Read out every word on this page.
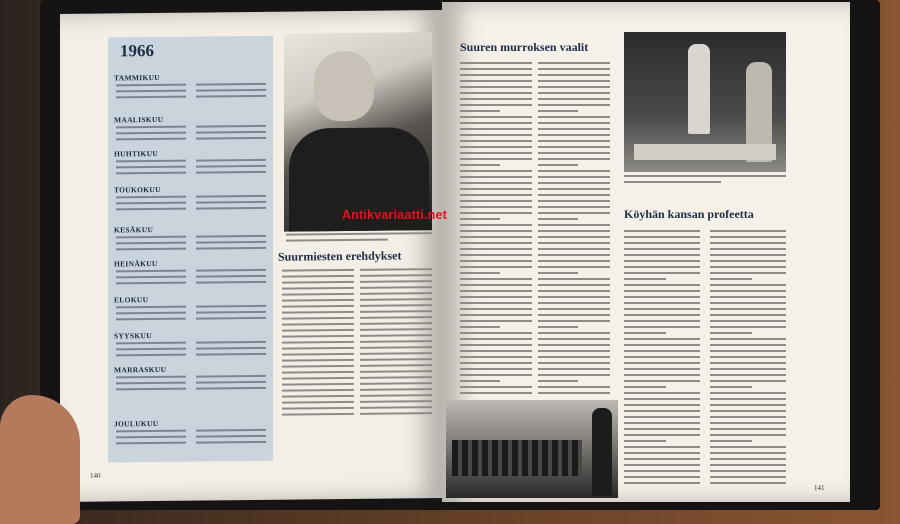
1966
TAMMIKUU
MAALISKUU
HUHTIKUU
TOUKOKUU
KESÄKUU
HEINÄKUU
ELOKUU
SYYSKUU
MARRASKUU
JOULUKUU
Suurmiesten erehdykset
140
Suuren murroksen vaalit
Köyhän kansan profeetta
141
Antikvariaatti.net
